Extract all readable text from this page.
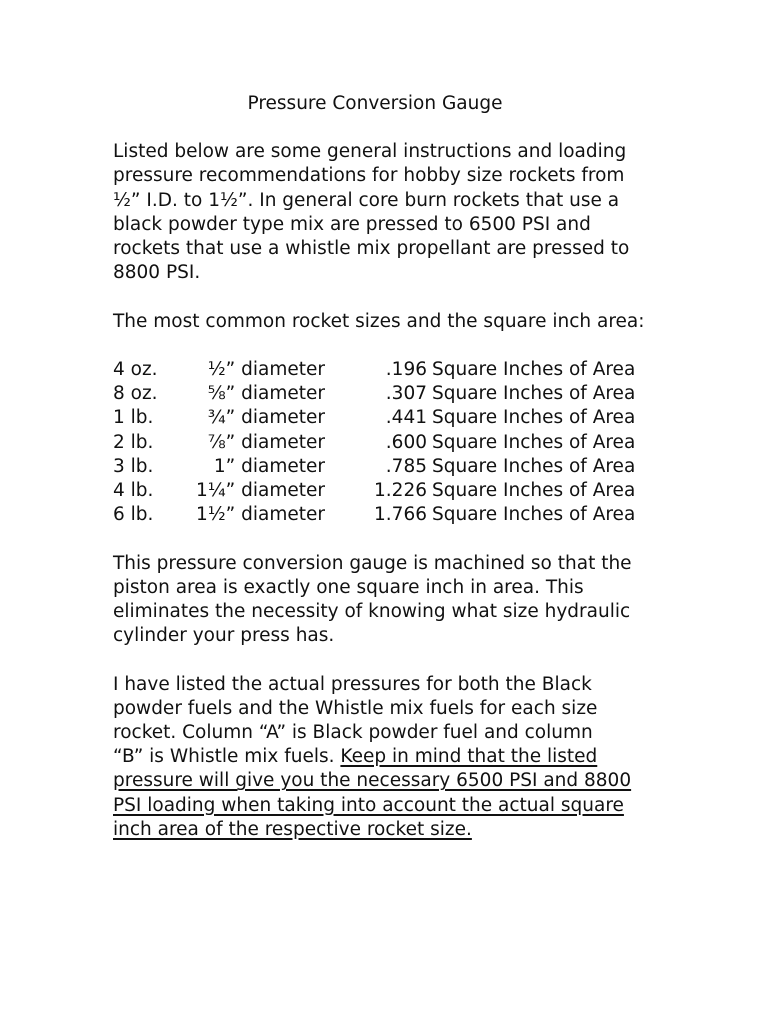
Pressure Conversion Gauge
Listed below are some general instructions and loading
pressure recommendations for hobby size rockets from
½” I.D. to 1½”. In general core burn rockets that use a
black powder type mix are pressed to 6500 PSI and
rockets that use a whistle mix propellant are pressed to
8800 PSI.
The most common rocket sizes and the square inch area:
4 oz.	½” diameter	.196 Square Inches of Area
8 oz.	⅝” diameter	.307 Square Inches of Area
1 lb.	¾” diameter	.441 Square Inches of Area
2 lb.	⅞” diameter	.600 Square Inches of Area
3 lb.	1” diameter	.785 Square Inches of Area
4 lb.	1¼” diameter	1.226 Square Inches of Area
6 lb.	1½” diameter	1.766 Square Inches of Area
This pressure conversion gauge is machined so that the
piston area is exactly one square inch in area. This
eliminates the necessity of knowing what size hydraulic
cylinder your press has.
I have listed the actual pressures for both the Black
powder fuels and the Whistle mix fuels for each size
rocket. Column “A” is Black powder fuel and column
“B” is Whistle mix fuels. Keep in mind that the listed
pressure will give you the necessary 6500 PSI and 8800
PSI loading when taking into account the actual square
inch area of the respective rocket size.
